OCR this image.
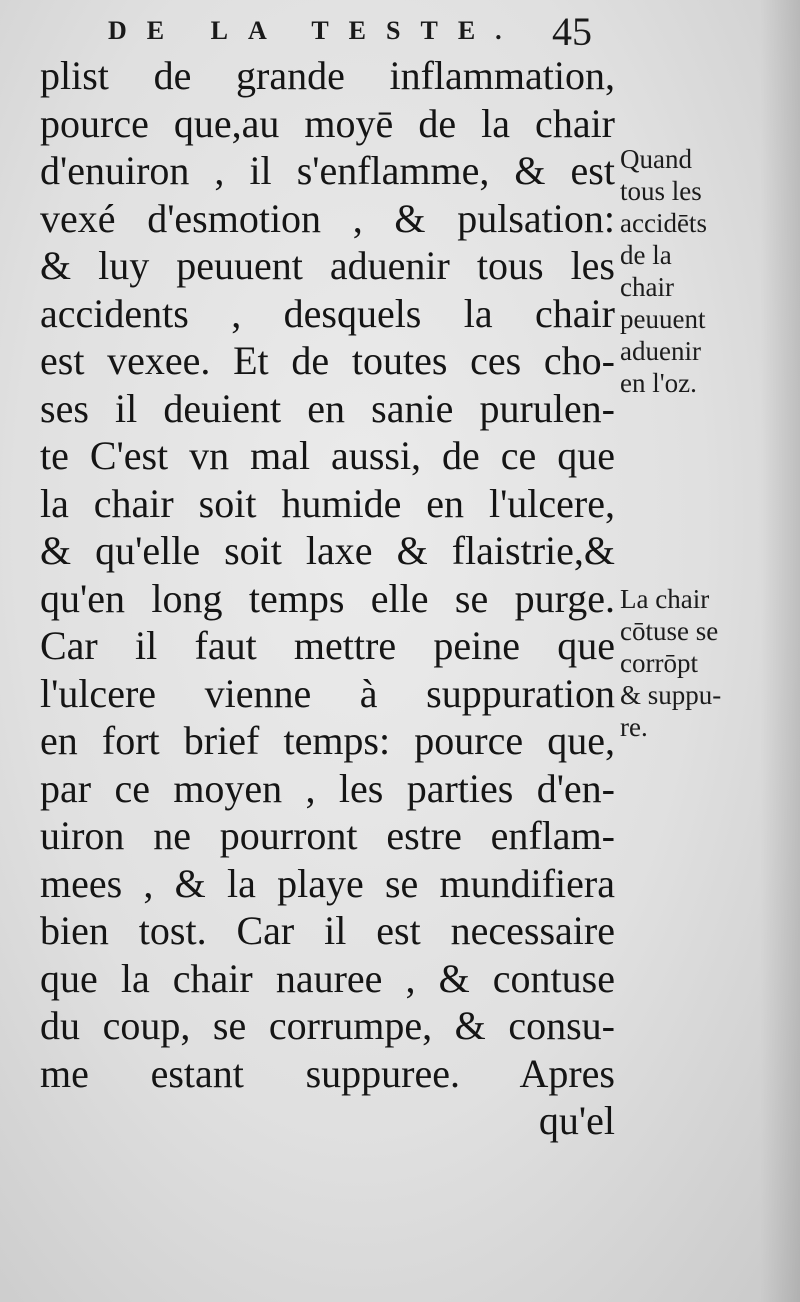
DE LA TESTE. 45
plist de grande inflammation,
pource que,au moyē de la chair
d'enuiron , il s'enflamme, & est
vexé d'esmotion , & pulsation:
& luy peuuent aduenir tous les
accidents , desquels la chair
est vexee. Et de toutes ces cho-
ses il deuient en sanie purulen-
te C'est vn mal aussi, de ce que
la chair soit humide en l'ulcere,
& qu'elle soit laxe & flaistrie,&
qu'en long temps elle se purge.
Car il faut mettre peine que
l'ulcere vienne à suppuration
en fort brief temps: pource que,
par ce moyen , les parties d'en-
uiron ne pourront estre enflam-
mees , & la playe se mundifiera
bien tost. Car il est necessaire
que la chair nauree , & contuse
du coup, se corrumpe, & consu-
me estant suppuree. Apres
qu'el
Quand
tous les
accidēts
de la
chair
peuuent
aduenir
en l'oz.
La chair
cōtuse se
corrōpt
& suppu-
re.
